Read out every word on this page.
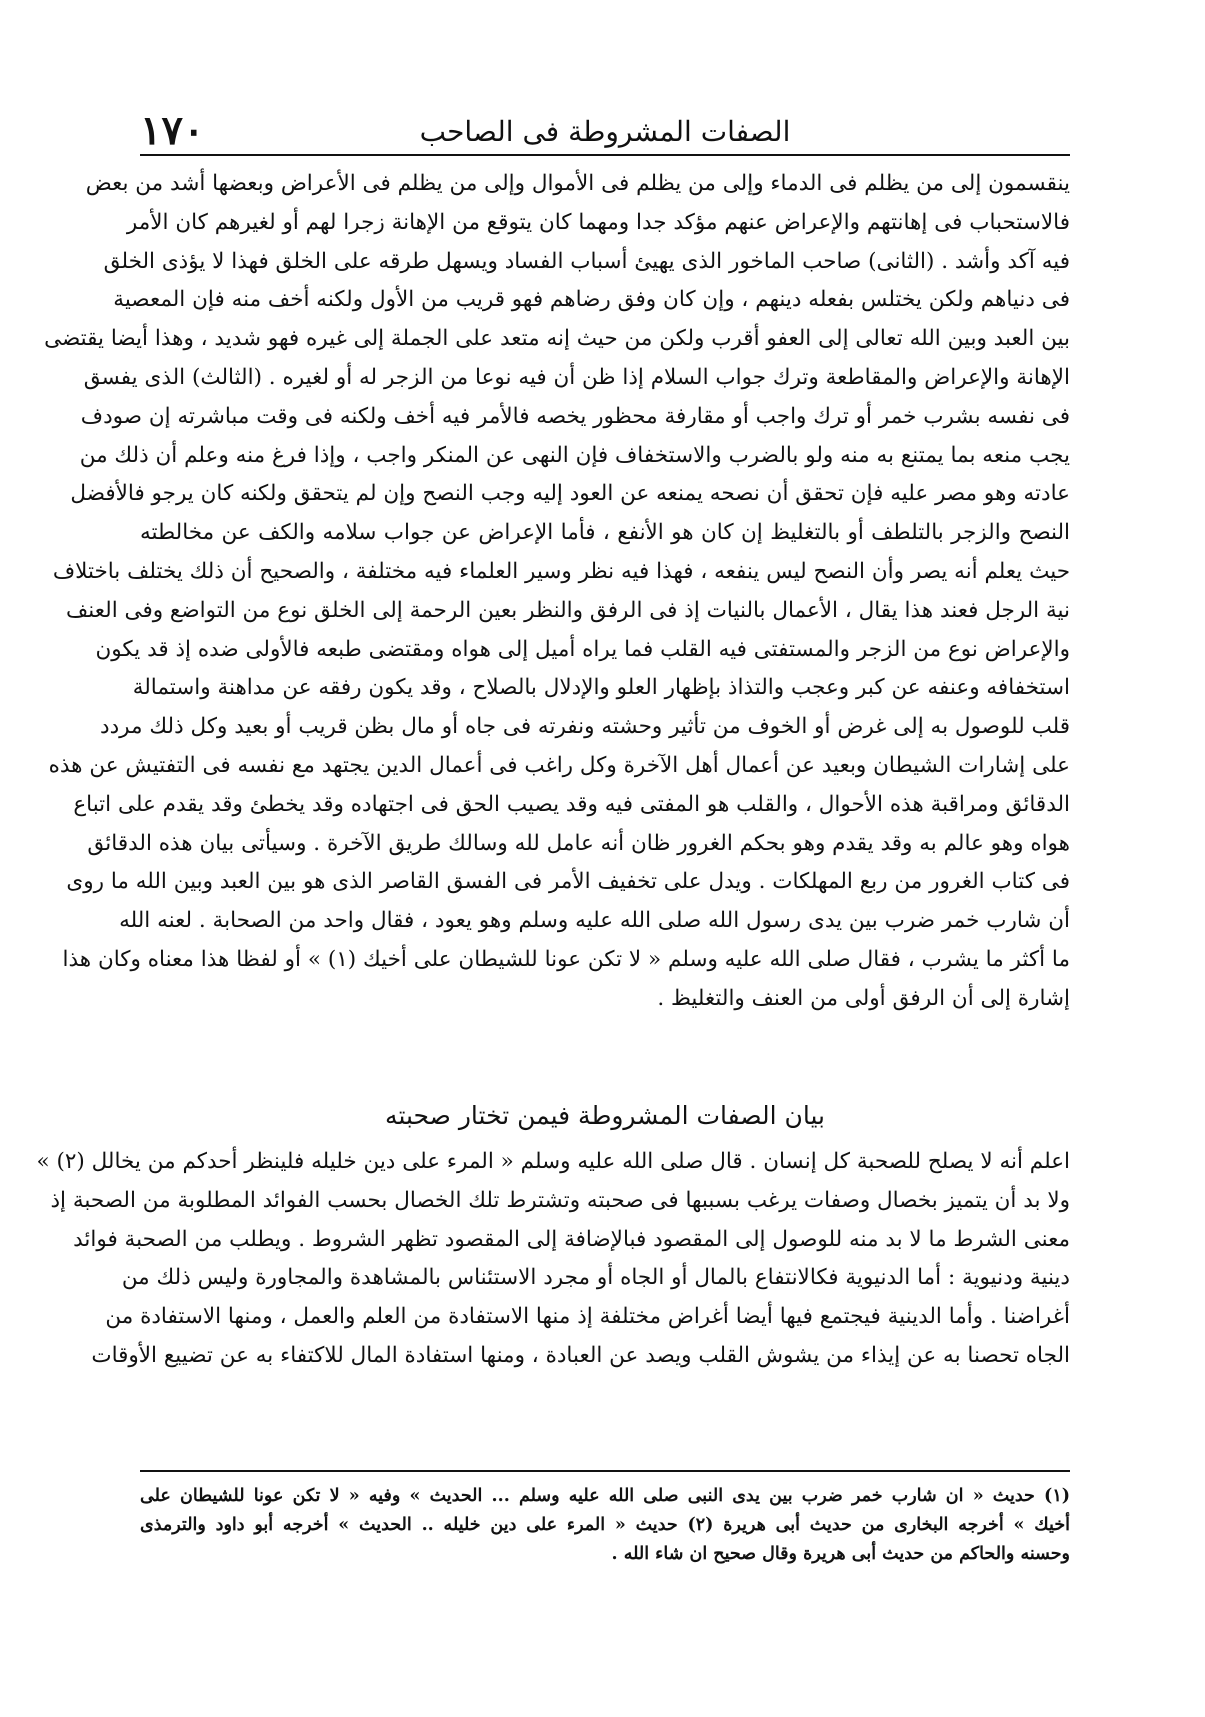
١٧٠	الصفات المشروطة فى الصاحب
ينقسمون إلى من يظلم فى الدماء وإلى من يظلم فى الأموال وإلى من يظلم فى الأعراض وبعضها أشد من بعض
فالاستحباب فى إهانتهم والإعراض عنهم مؤكد جدا ومهما كان يتوقع من الإهانة زجرا لهم أو لغيرهم كان الأمر
فيه آكد وأشد . (الثانى) صاحب الماخور الذى يهيئ أسباب الفساد ويسهل طرقه على الخلق فهذا لا يؤذى الخلق
فى دنياهم ولكن يختلس بفعله دينهم ، وإن كان وفق رضاهم فهو قريب من الأول ولكنه أخف منه فإن المعصية
بين العبد وبين الله تعالى إلى العفو أقرب ولكن من حيث إنه متعد على الجملة إلى غيره فهو شديد ، وهذا أيضا يقتضى
الإهانة والإعراض والمقاطعة وترك جواب السلام إذا ظن أن فيه نوعا من الزجر له أو لغيره . (الثالث) الذى يفسق
فى نفسه بشرب خمر أو ترك واجب أو مقارفة محظور يخصه فالأمر فيه أخف ولكنه فى وقت مباشرته إن صودف
يجب منعه بما يمتنع به منه ولو بالضرب والاستخفاف فإن النهى عن المنكر واجب ، وإذا فرغ منه وعلم أن ذلك من
عادته وهو مصر عليه فإن تحقق أن نصحه يمنعه عن العود إليه وجب النصح وإن لم يتحقق ولكنه كان يرجو فالأفضل
النصح والزجر بالتلطف أو بالتغليظ إن كان هو الأنفع ، فأما الإعراض عن جواب سلامه والكف عن مخالطته
حيث يعلم أنه يصر وأن النصح ليس ينفعه ، فهذا فيه نظر وسير العلماء فيه مختلفة ، والصحيح أن ذلك يختلف باختلاف
نية الرجل فعند هذا يقال ، الأعمال بالنيات إذ فى الرفق والنظر بعين الرحمة إلى الخلق نوع من التواضع وفى العنف
والإعراض نوع من الزجر والمستفتى فيه القلب فما يراه أميل إلى هواه ومقتضى طبعه فالأولى ضده إذ قد يكون
استخفافه وعنفه عن كبر وعجب والتذاذ بإظهار العلو والإدلال بالصلاح ، وقد يكون رفقه عن مداهنة واستمالة
قلب للوصول به إلى غرض أو الخوف من تأثير وحشته ونفرته فى جاه أو مال بظن قريب أو بعيد وكل ذلك مردد
على إشارات الشيطان وبعيد عن أعمال أهل الآخرة وكل راغب فى أعمال الدين يجتهد مع نفسه فى التفتيش عن هذه
الدقائق ومراقبة هذه الأحوال ، والقلب هو المفتى فيه وقد يصيب الحق فى اجتهاده وقد يخطئ وقد يقدم على اتباع
هواه وهو عالم به وقد يقدم وهو بحكم الغرور ظان أنه عامل لله وسالك طريق الآخرة . وسيأتى بيان هذه الدقائق
فى كتاب الغرور من ربع المهلكات . ويدل على تخفيف الأمر فى الفسق القاصر الذى هو بين العبد وبين الله ما روى
أن شارب خمر ضرب بين يدى رسول الله صلى الله عليه وسلم وهو يعود ، فقال واحد من الصحابة . لعنه الله
ما أكثر ما يشرب ، فقال صلى الله عليه وسلم « لا تكن عونا للشيطان على أخيك (١) » أو لفظا هذا معناه وكان هذا
إشارة إلى أن الرفق أولى من العنف والتغليظ .
بيان الصفات المشروطة فيمن تختار صحبته
اعلم أنه لا يصلح للصحبة كل إنسان . قال صلى الله عليه وسلم « المرء على دين خليله فلينظر أحدكم من يخالل (٢) »
ولا بد أن يتميز بخصال وصفات يرغب بسببها فى صحبته وتشترط تلك الخصال بحسب الفوائد المطلوبة من الصحبة إذ
معنى الشرط ما لا بد منه للوصول إلى المقصود فبالإضافة إلى المقصود تظهر الشروط . ويطلب من الصحبة فوائد
دينية ودنيوية : أما الدنيوية فكالانتفاع بالمال أو الجاه أو مجرد الاستئناس بالمشاهدة والمجاورة وليس ذلك من
أغراضنا . وأما الدينية فيجتمع فيها أيضا أغراض مختلفة إذ منها الاستفادة من العلم والعمل ، ومنها الاستفادة من
الجاه تحصنا به عن إيذاء من يشوش القلب ويصد عن العبادة ، ومنها استفادة المال للاكتفاء به عن تضييع الأوقات
(١) حديث « ان شارب خمر ضرب بين يدى النبى صلى الله عليه وسلم ... الحديث » وفيه « لا تكن عونا للشيطان على
أخيك » أخرجه البخارى من حديث أبى هريرة (٢) حديث « المرء على دين خليله .. الحديث » أخرجه أبو داود والترمذى
وحسنه والحاكم من حديث أبى هريرة وقال صحيح ان شاء الله .
